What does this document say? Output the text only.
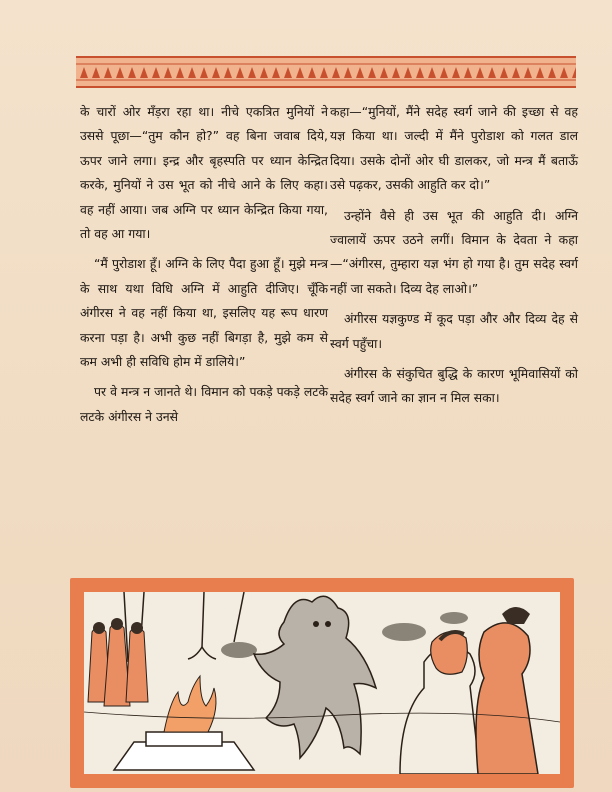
के चारों ओर मँड़रा रहा था। नीचे एकत्रित मुनियों ने उससे पूछा—“तुम कौन हो?” वह बिना जवाब दिये, ऊपर जाने लगा। इन्द्र और बृहस्पति पर ध्यान केन्द्रित करके, मुनियों ने उस भूत को नीचे आने के लिए कहा। वह नहीं आया। जब अग्नि पर ध्यान केन्द्रित किया गया, तो वह आ गया।

“मैं पुरोडाश हूँ। अग्नि के लिए पैदा हुआ हूँ। मुझे मन्त्र के साथ यथा विधि अग्नि में आहुति दीजिए। चूँकि अंगीरस ने वह नहीं किया था, इसलिए यह रूप धारण करना पड़ा है। अभी कुछ नहीं बिगड़ा है, मुझे कम से कम अभी ही सविधि होम में डालिये।”

पर वे मन्त्र न जानते थे। विमान को पकड़े पकड़े लटके लटके अंगीरस ने उनसे

कहा—“मुनियों, मैंने सदेह स्वर्ग जाने की इच्छा से वह यज्ञ किया था। जल्दी में मैंने पुरोडाश को गलत डाल दिया। उसके दोनों ओर घी डालकर, जो मन्त्र मैं बताऊँ उसे पढ़कर, उसकी आहुति कर दो।”

उन्होंने वैसे ही उस भूत की आहुति दी। अग्नि ज्वालायें ऊपर उठने लगीं। विमान के देवता ने कहा—“अंगीरस, तुम्हारा यज्ञ भंग हो गया है। तुम सदेह स्वर्ग नहीं जा सकते। दिव्य देह लाओ।”

अंगीरस यज्ञकुण्ड में कूद पड़ा और और दिव्य देह से स्वर्ग पहुँचा।

अंगीरस के संकुचित बुद्धि के कारण भूमिवासियों को सदेह स्वर्ग जाने का ज्ञान न मिल सका।
